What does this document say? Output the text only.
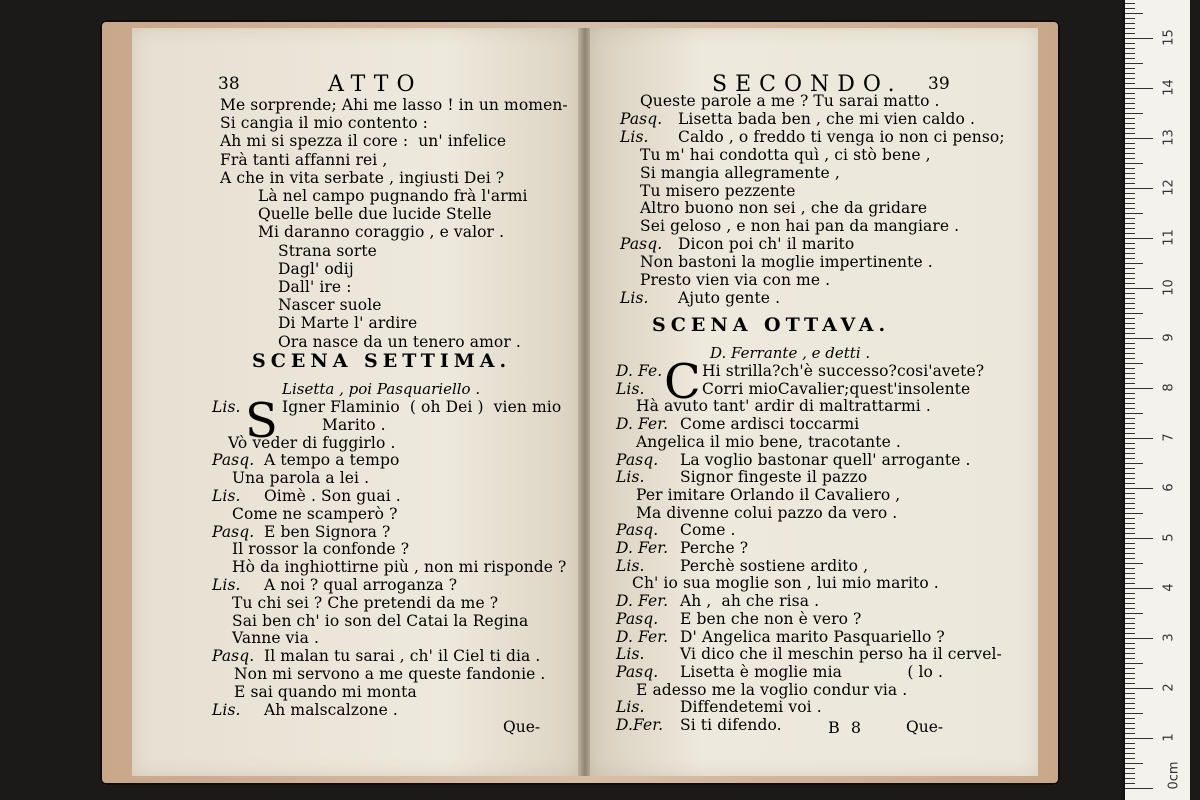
38	ATTO
Me sorprende; Ahi me lasso ! in un momen-
Si cangia il mio contento :
Ah mi si spezza il core :  un' infelice
Frà tanti affanni rei ,
A che in vita serbate , ingiusti Dei ?
Là nel campo pugnando frà l'armi
Quelle belle due lucide Stelle
Mi daranno coraggio , e valor .
Strana sorte
Dagl' odij
Dall' ire :
Nascer suole
Di Marte l' ardire
Ora nasce da un tenero amor .
SCENA SETTIMA.
Lisetta , poi Pasquariello .
S
Lis.	Igner Flaminio  ( oh Dei )  vien mio
Marito .
Vò veder di fuggirlo .
Pasq. A tempo a tempo
Una parola a lei .
Lis. Oimè . Son guai .
Come ne scamperò ?
Pasq. E ben Signora ?
Il rossor la confonde ?
Hò da inghiottirne più , non mi risponde ?
Lis. A noi ? qual arroganza ?
Tu chi sei ? Che pretendi da me ?
Sai ben ch' io son del Catai la Regina
Vanne via .
Pasq. Il malan tu sarai , ch' il Ciel ti dia .
Non mi servono a me queste fandonie .
E sai quando mi monta
Lis. Ah malscalzone .
Que-
SECONDO. 39
Queste parole a me ? Tu sarai matto .
Pasq. Lisetta bada ben , che mi vien caldo .
Lis. Caldo , o freddo ti venga io non ci penso;
Tu m' hai condotta quì , ci stò bene ,
Si mangia allegramente ,
Tu misero pezzente
Altro buono non sei , che da gridare
Sei geloso , e non hai pan da mangiare .
Pasq. Dicon poi ch' il marito
Non bastoni la moglie impertinente .
Presto vien via con me .
Lis. Ajuto gente .
SCENA OTTAVA.
D. Ferrante , e detti .
C
D. Fe.	Hi strilla?ch'è successo?cosi'avete?
Lis.	Corri mioCavalier;quest'insolente
Hà avuto tant' ardir di maltrattarmi .
D. Fer. Come ardisci toccarmi
Angelica il mio bene, tracotante .
Pasq. La voglio bastonar quell' arrogante .
Lis. Signor fingeste il pazzo
Per imitare Orlando il Cavaliero ,
Ma divenne colui pazzo da vero .
Pasq. Come .
D. Fer. Perche ?
Lis. Perchè sostiene ardito ,
Ch' io sua moglie son , lui mio marito .
D. Fer. Ah ,  ah che risa .
Pasq. E ben che non è vero ?
D. Fer. D' Angelica marito Pasquariello ?
Lis. Vi dico che il meschin perso ha il cervel-
Pasq. Lisetta è moglie mia             ( lo .
E adesso me la voglio condur via .
Lis. Diffendetemi voi .
D.Fer. Si ti difendo.	B 8	Que-
0cm
1
2
3
4
5
6
7
8
9
10
11
12
13
14
15
